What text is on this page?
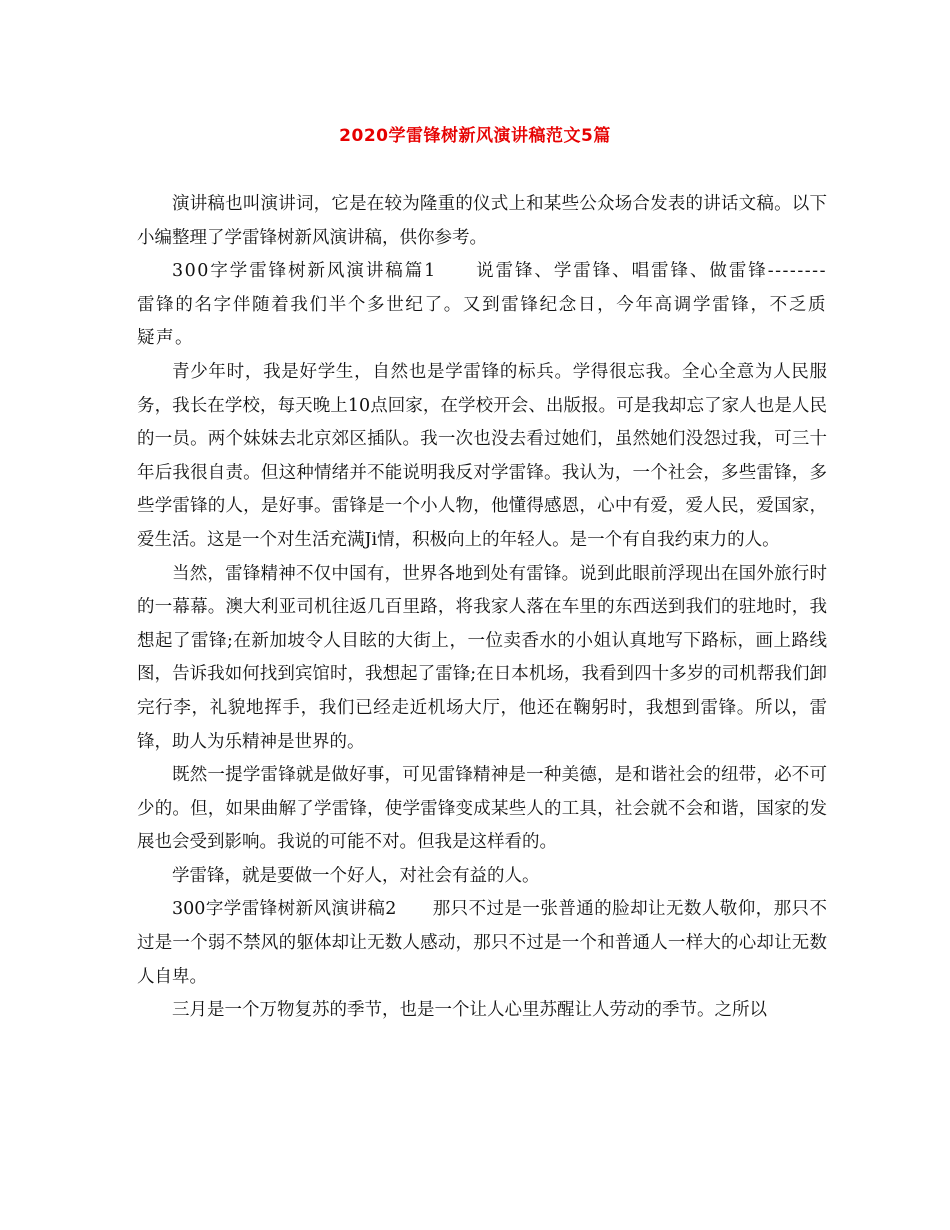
2020学雷锋树新风演讲稿范文5篇

演讲稿也叫演讲词，它是在较为隆重的仪式上和某些公众场合发表的讲话文稿。以下小编整理了学雷锋树新风演讲稿，供你参考。

300字学雷锋树新风演讲稿篇1　　说雷锋、学雷锋、唱雷锋、做雷锋--------雷锋的名字伴随着我们半个多世纪了。又到雷锋纪念日，今年高调学雷锋，不乏质疑声。

青少年时，我是好学生，自然也是学雷锋的标兵。学得很忘我。全心全意为人民服务，我长在学校，每天晚上10点回家，在学校开会、出版报。可是我却忘了家人也是人民的一员。两个妹妹去北京郊区插队。我一次也没去看过她们，虽然她们没怨过我，可三十年后我很自责。但这种情绪并不能说明我反对学雷锋。我认为，一个社会，多些雷锋，多些学雷锋的人，是好事。雷锋是一个小人物，他懂得感恩，心中有爱，爱人民，爱国家，爱生活。这是一个对生活充满Ji情，积极向上的年轻人。是一个有自我约束力的人。

当然，雷锋精神不仅中国有，世界各地到处有雷锋。说到此眼前浮现出在国外旅行时的一幕幕。澳大利亚司机往返几百里路，将我家人落在车里的东西送到我们的驻地时，我想起了雷锋;在新加坡令人目眩的大街上，一位卖香水的小姐认真地写下路标，画上路线图，告诉我如何找到宾馆时，我想起了雷锋;在日本机场，我看到四十多岁的司机帮我们卸完行李，礼貌地挥手，我们已经走近机场大厅，他还在鞠躬时，我想到雷锋。所以，雷锋，助人为乐精神是世界的。

既然一提学雷锋就是做好事，可见雷锋精神是一种美德，是和谐社会的纽带，必不可少的。但，如果曲解了学雷锋，使学雷锋变成某些人的工具，社会就不会和谐，国家的发展也会受到影响。我说的可能不对。但我是这样看的。

学雷锋，就是要做一个好人，对社会有益的人。

300字学雷锋树新风演讲稿2　　那只不过是一张普通的脸却让无数人敬仰，那只不过是一个弱不禁风的躯体却让无数人感动，那只不过是一个和普通人一样大的心却让无数人自卑。

三月是一个万物复苏的季节，也是一个让人心里苏醒让人劳动的季节。之所以
